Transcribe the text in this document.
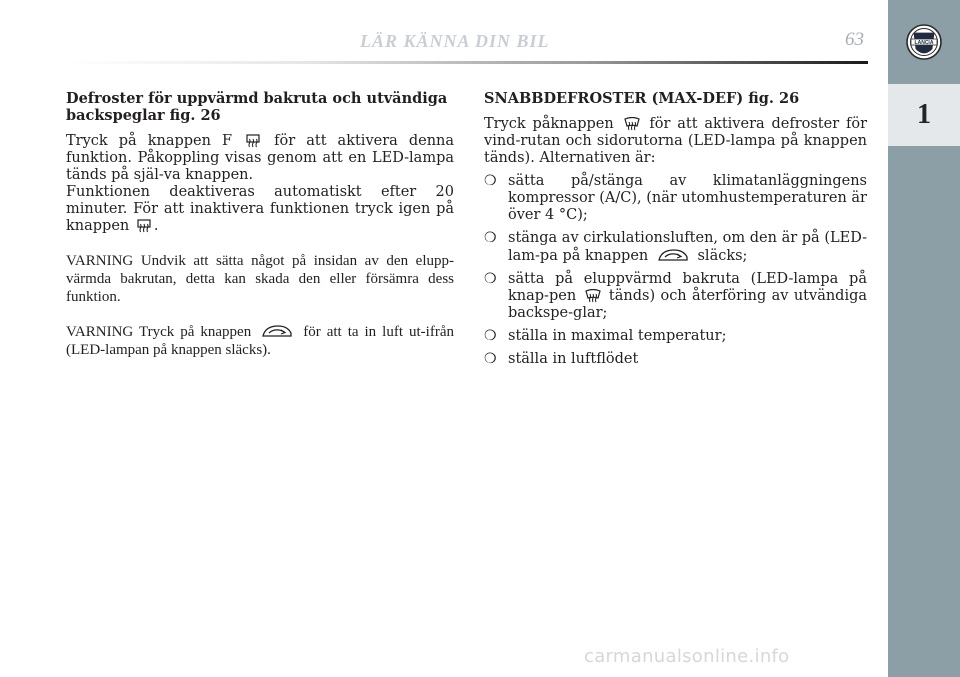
LÄR KÄNNA DIN BIL	63	LANCIA
1

Defroster för uppvärmd bakruta och utvändiga backspeglar fig. 26

Tryck på knappen F	för att aktivera denna funktion. Påkoppling visas genom att en LED-lampa tänds på själ-va knappen.

Funktionen deaktiveras automatiskt efter 20 minuter. För att inaktivera funktionen tryck igen på knappen .

VARNING Undvik att sätta något på insidan av den elupp-värmda bakrutan, detta kan skada den eller försämra dess funktion.

VARNING Tryck på knappen	för att ta in luft ut-ifrån (LED-lampan på knappen släcks).

SNABBDEFROSTER (MAX-DEF) fig. 26

Tryck påknappen för att aktivera defroster för vind-rutan och sidorutorna (LED-lampa på knappen tänds). Alternativen är:

❍ sätta på/stänga av klimatanläggningens kompressor (A/C), (när utomhustemperaturen är över 4 °C);
❍ stänga av cirkulationsluften, om den är på (LED-lam-pa på knappen	släcks;
❍ sätta på eluppvärmd bakruta (LED-lampa på knap-pen tänds) och återföring av utvändiga backspe-glar;
❍ ställa in maximal temperatur;
❍ ställa in luftflödet
carmanualsonline.info
